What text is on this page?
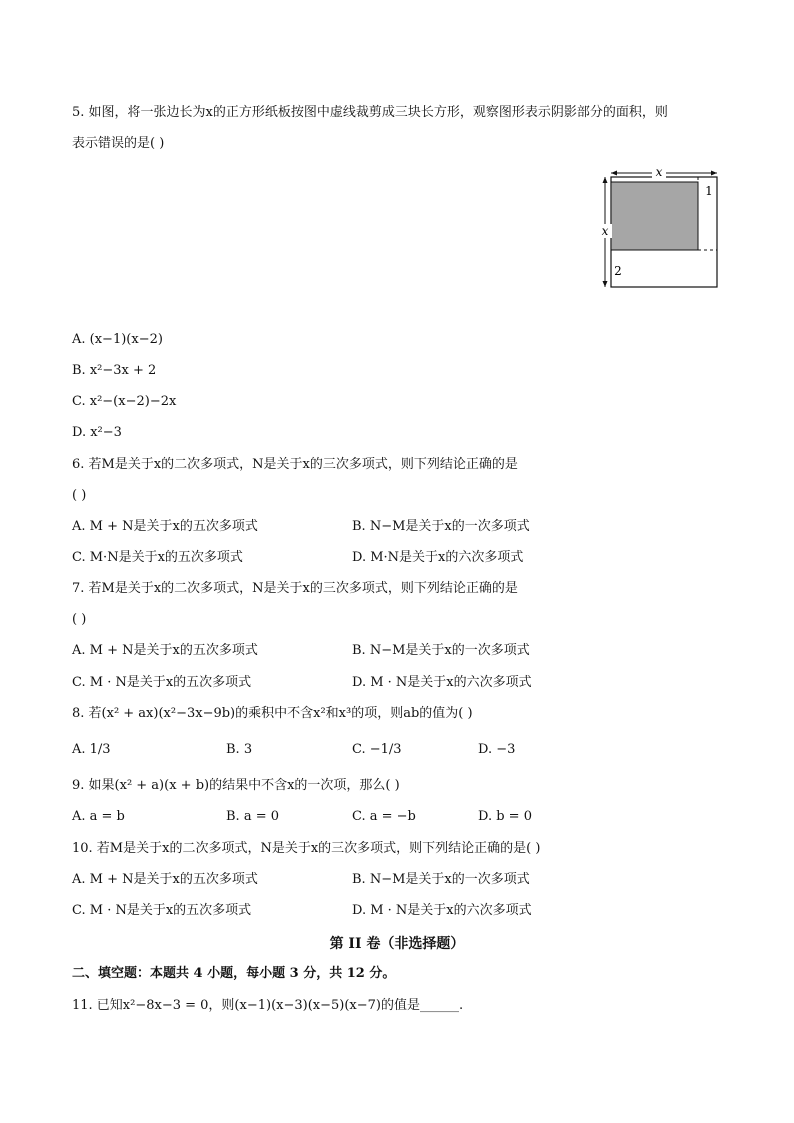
5. 如图，将一张边长为x的正方形纸板按图中虚线裁剪成三块长方形，观察图形表示阴影部分的面积，则
表示错误的是( )
x
x
1
2
A. (x−1)(x−2)
B. x²−3x + 2
C. x²−(x−2)−2x
D. x²−3
6. 若M是关于x的二次多项式，N是关于x的三次多项式，则下列结论正确的是
( )
A. M + N是关于x的五次多项式	B. N−M是关于x的一次多项式
C. M·N是关于x的五次多项式	D. M·N是关于x的六次多项式
7. 若M是关于x的二次多项式，N是关于x的三次多项式，则下列结论正确的是
( )
A. M + N是关于x的五次多项式	B. N−M是关于x的一次多项式
C. M · N是关于x的五次多项式	D. M · N是关于x的六次多项式
8. 若(x² + ax)(x²−3x−9b)的乘积中不含x²和x³的项，则ab的值为( )
A. 1/3	B. 3	C. −1/3	D. −3
9. 如果(x² + a)(x + b)的结果中不含x的一次项，那么( )
A. a = b	B. a = 0	C. a = −b	D. b = 0
10. 若M是关于x的二次多项式，N是关于x的三次多项式，则下列结论正确的是( )
A. M + N是关于x的五次多项式	B. N−M是关于x的一次多项式
C. M · N是关于x的五次多项式	D. M · N是关于x的六次多项式
第 II 卷（非选择题）
二、填空题：本题共 4 小题，每小题 3 分，共 12 分。
11. 已知x²−8x−3 = 0，则(x−1)(x−3)(x−5)(x−7)的值是______.
